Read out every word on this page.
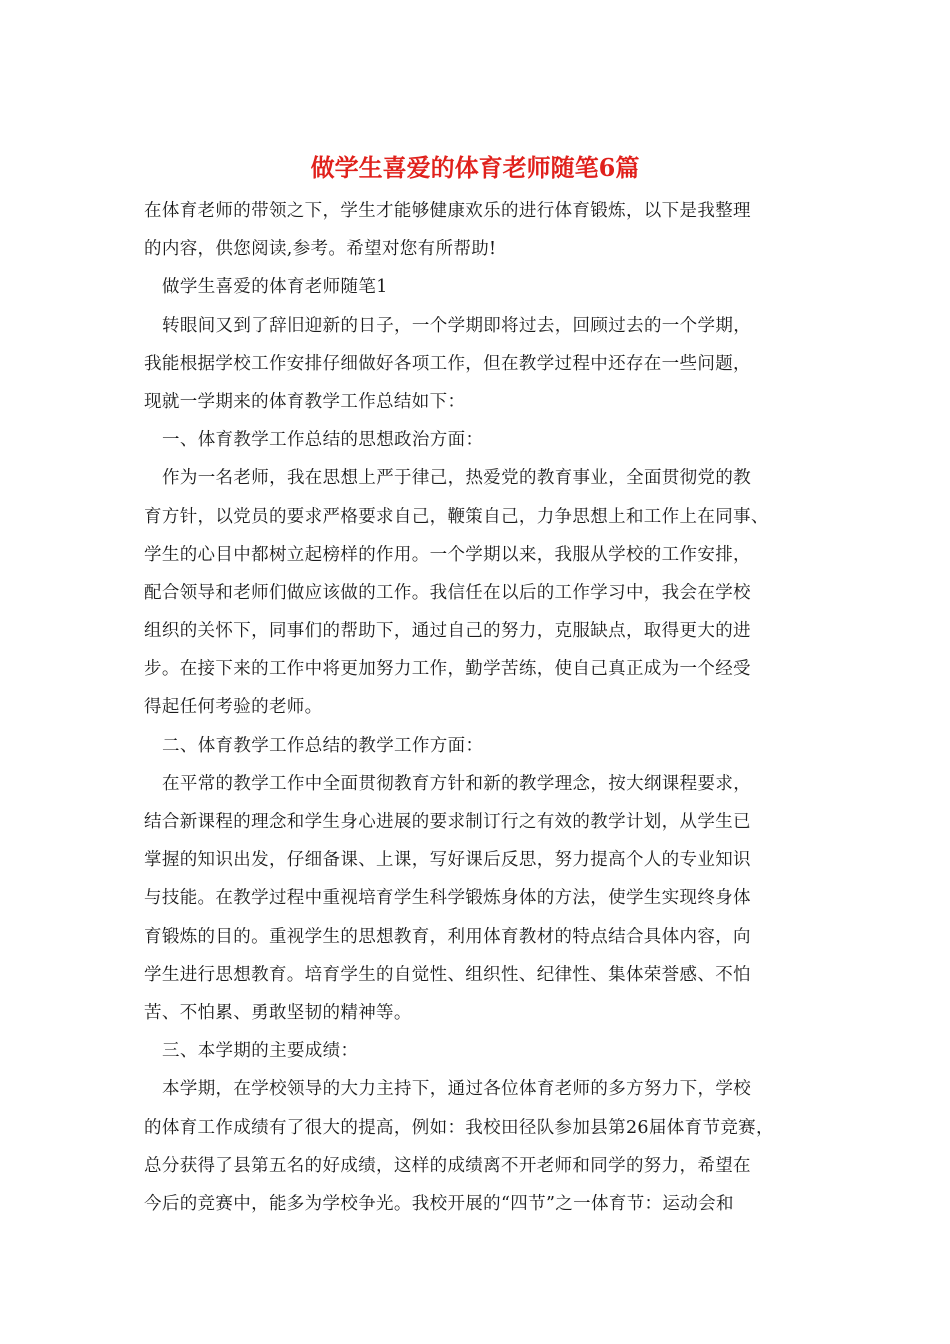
做学生喜爱的体育老师随笔6篇

在体育老师的带领之下，学生才能够健康欢乐的进行体育锻炼，以下是我整理

的内容，供您阅读,参考。希望对您有所帮助!

做学生喜爱的体育老师随笔1

转眼间又到了辞旧迎新的日子，一个学期即将过去，回顾过去的一个学期，

我能根据学校工作安排仔细做好各项工作，但在教学过程中还存在一些问题，

现就一学期来的体育教学工作总结如下：

一、体育教学工作总结的思想政治方面：

作为一名老师，我在思想上严于律己，热爱党的教育事业，全面贯彻党的教

育方针，以党员的要求严格要求自己，鞭策自己，力争思想上和工作上在同事、

学生的心目中都树立起榜样的作用。一个学期以来，我服从学校的工作安排，

配合领导和老师们做应该做的工作。我信任在以后的工作学习中，我会在学校

组织的关怀下，同事们的帮助下，通过自己的努力，克服缺点，取得更大的进

步。在接下来的工作中将更加努力工作，勤学苦练，使自己真正成为一个经受

得起任何考验的老师。

二、体育教学工作总结的教学工作方面：

在平常的教学工作中全面贯彻教育方针和新的教学理念，按大纲课程要求，

结合新课程的理念和学生身心进展的要求制订行之有效的教学计划，从学生已

掌握的知识出发，仔细备课、上课，写好课后反思，努力提高个人的专业知识

与技能。在教学过程中重视培育学生科学锻炼身体的方法，使学生实现终身体

育锻炼的目的。重视学生的思想教育，利用体育教材的特点结合具体内容，向

学生进行思想教育。培育学生的自觉性、组织性、纪律性、集体荣誉感、不怕

苦、不怕累、勇敢坚韧的精神等。

三、本学期的主要成绩：

本学期，在学校领导的大力主持下，通过各位体育老师的多方努力下，学校

的体育工作成绩有了很大的提高，例如：我校田径队参加县第26届体育节竞赛，

总分获得了县第五名的好成绩，这样的成绩离不开老师和同学的努力，希望在

今后的竞赛中，能多为学校争光。我校开展的“四节”之一体育节：运动会和
